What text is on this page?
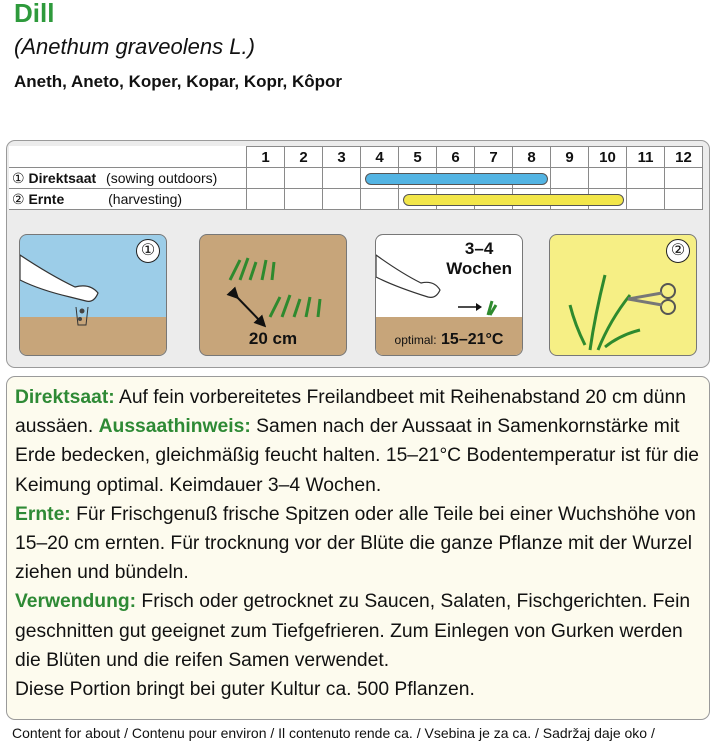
Dill
(Anethum graveolens L.)
Aneth, Aneto, Koper, Kopar, Kopr, Kôpor
	1	2	3	4	5	6	7	8	9	10	11	12
① Direktsaat (sowing outdoors)				

② Ernte (harvesting)					

①
20 cm
3–4
Wochen
optimal: 15–21°C
②

Direktsaat: Auf fein vorbereitetes Freilandbeet mit Reihenabstand 20 cm dünn aussäen. Aussaathinweis: Samen nach der Aussaat in Samenkornstärke mit Erde bedecken, gleichmäßig feucht halten. 15–21°C Bodentemperatur ist für die Keimung optimal. Keimdauer 3–4 Wochen.

Ernte: Für Frischgenuß frische Spitzen oder alle Teile bei einer Wuchshöhe von 15–20 cm ernten. Für trocknung vor der Blüte die ganze Pflanze mit der Wurzel ziehen und bündeln.

Verwendung: Frisch oder getrocknet zu Saucen, Salaten, Fischgerichten. Fein geschnitten gut geeignet zum Tiefgefrieren. Zum Einlegen von Gurken werden die Blüten und die reifen Samen verwendet.

Diese Portion bringt bei guter Kultur ca. 500 Pflanzen.

Content for about / Contenu pour environ / Il contenuto rende ca. / Vsebina je za ca. / Sadržaj daje oko /
